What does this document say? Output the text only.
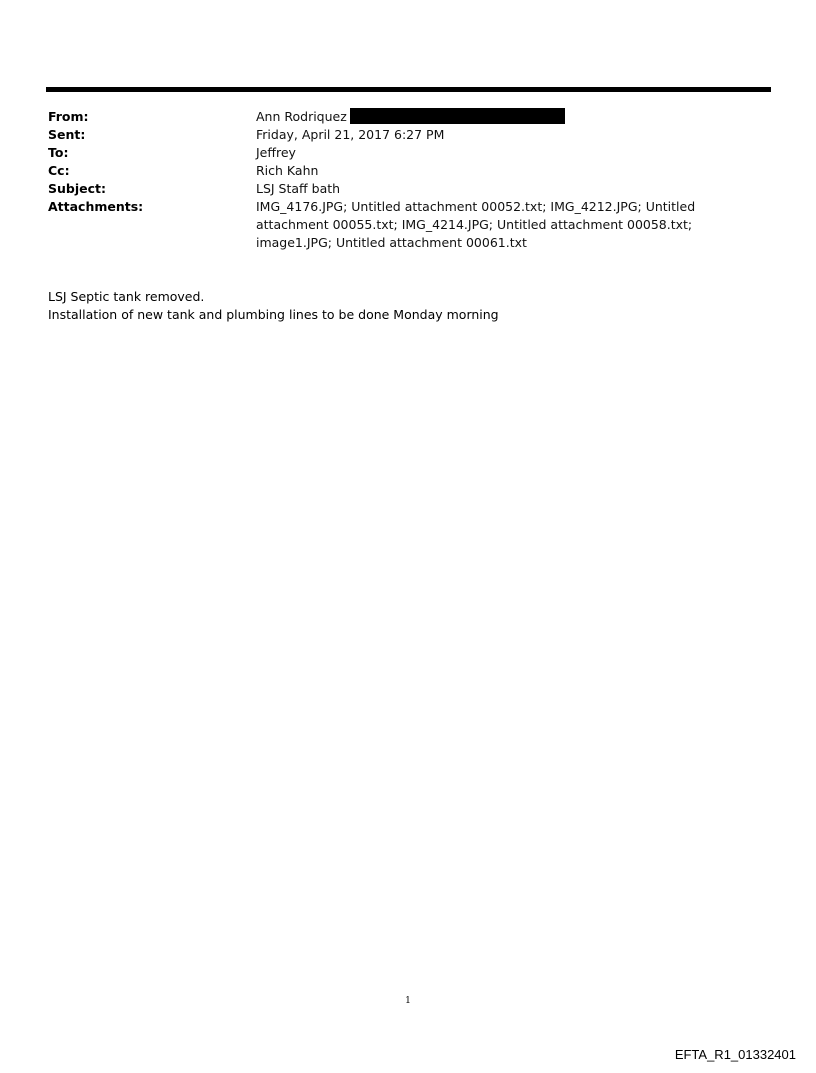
From:	Ann Rodriquez
Sent:	Friday, April 21, 2017 6:27 PM
To:	Jeffrey
Cc:	Rich Kahn
Subject:	LSJ Staff bath
Attachments:	IMG_4176.JPG; Untitled attachment 00052.txt; IMG_4212.JPG; Untitled attachment 00055.txt; IMG_4214.JPG; Untitled attachment 00058.txt; image1.JPG; Untitled attachment 00061.txt
LSJ Septic tank removed.
Installation of new tank and plumbing lines to be done Monday morning
1
EFTA_R1_01332401
